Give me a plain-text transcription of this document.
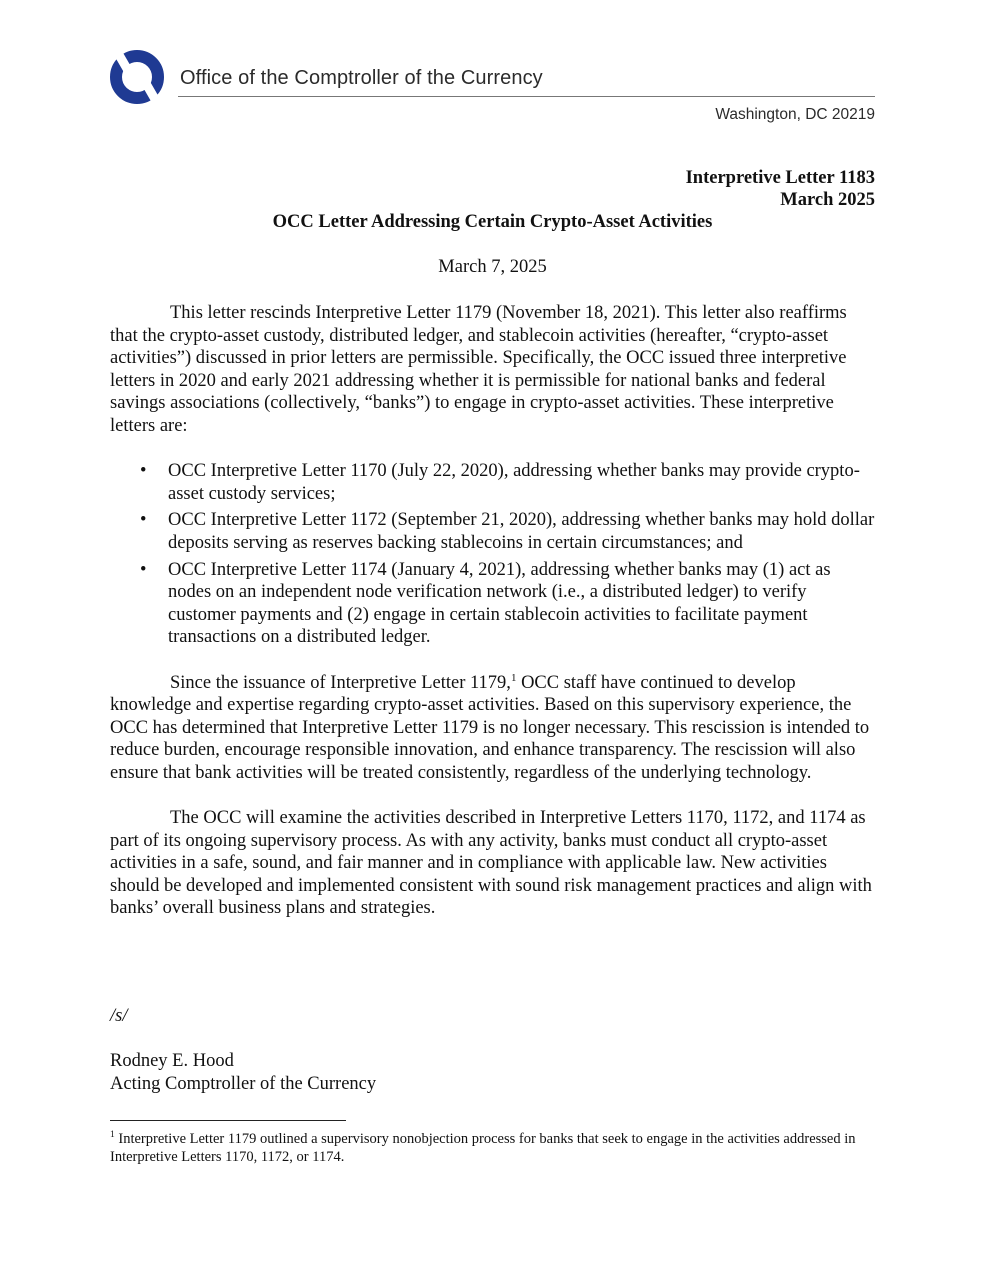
Office of the Comptroller of the Currency
Washington, DC 20219
Interpretive Letter 1183
March 2025
OCC Letter Addressing Certain Crypto-Asset Activities
March 7, 2025

This letter rescinds Interpretive Letter 1179 (November 18, 2021). This letter also reaffirms that the crypto-asset custody, distributed ledger, and stablecoin activities (hereafter, “crypto-asset activities”) discussed in prior letters are permissible. Specifically, the OCC issued three interpretive letters in 2020 and early 2021 addressing whether it is permissible for national banks and federal savings associations (collectively, “banks”) to engage in crypto-asset activities. These interpretive letters are:

• OCC Interpretive Letter 1170 (July 22, 2020), addressing whether banks may provide crypto-asset custody services;
• OCC Interpretive Letter 1172 (September 21, 2020), addressing whether banks may hold dollar deposits serving as reserves backing stablecoins in certain circumstances; and
• OCC Interpretive Letter 1174 (January 4, 2021), addressing whether banks may (1) act as nodes on an independent node verification network (i.e., a distributed ledger) to verify customer payments and (2) engage in certain stablecoin activities to facilitate payment transactions on a distributed ledger.

Since the issuance of Interpretive Letter 1179,$^1$ OCC staff have continued to develop knowledge and expertise regarding crypto-asset activities. Based on this supervisory experience, the OCC has determined that Interpretive Letter 1179 is no longer necessary. This rescission is intended to reduce burden, encourage responsible innovation, and enhance transparency. The rescission will also ensure that bank activities will be treated consistently, regardless of the underlying technology.

The OCC will examine the activities described in Interpretive Letters 1170, 1172, and 1174 as part of its ongoing supervisory process. As with any activity, banks must conduct all crypto-asset activities in a safe, sound, and fair manner and in compliance with applicable law. New activities should be developed and implemented consistent with sound risk management practices and align with banks’ overall business plans and strategies.

/s/
Rodney E. Hood
Acting Comptroller of the Currency
$^1$ Interpretive Letter 1179 outlined a supervisory nonobjection process for banks that seek to engage in the activities addressed in Interpretive Letters 1170, 1172, or 1174.
